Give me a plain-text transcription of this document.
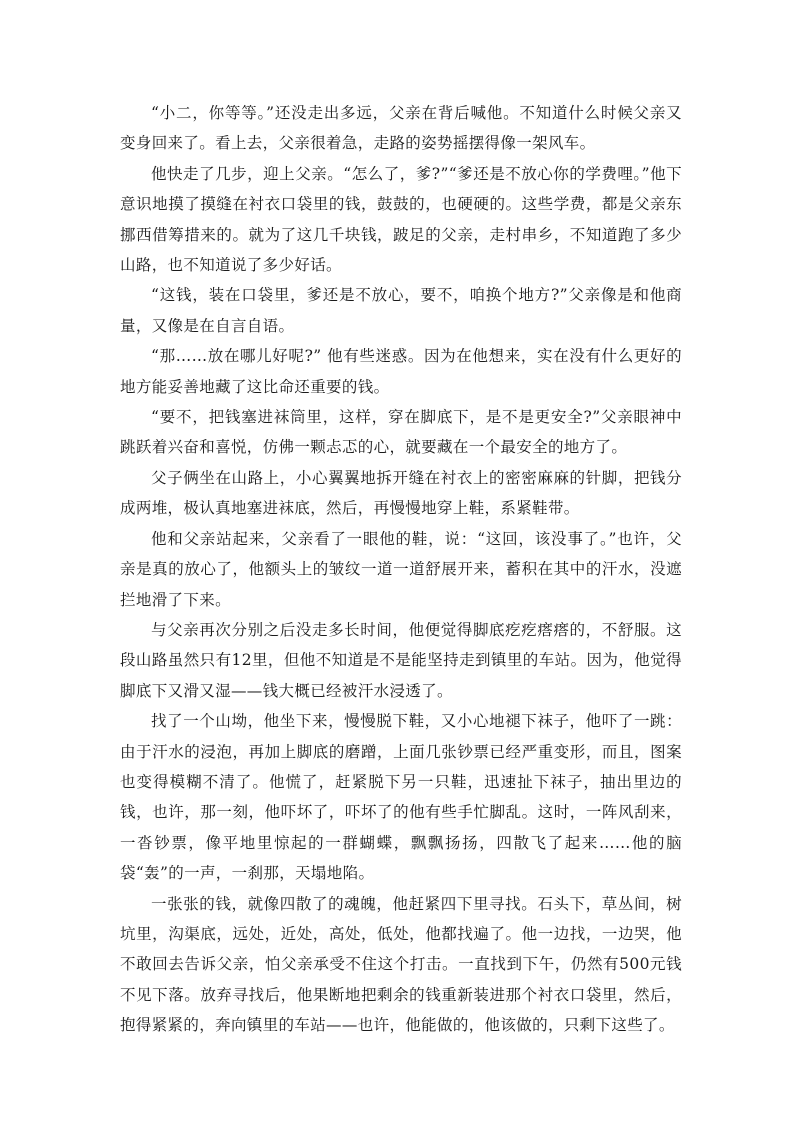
“小二，你等等。”还没走出多远，父亲在背后喊他。不知道什么时候父亲又变身回来了。看上去，父亲很着急，走路的姿势摇摆得像一架风车。

他快走了几步，迎上父亲。“怎么了，爹?”“爹还是不放心你的学费哩。”他下意识地摸了摸缝在衬衣口袋里的钱，鼓鼓的，也硬硬的。这些学费，都是父亲东挪西借筹措来的。就为了这几千块钱，跛足的父亲，走村串乡，不知道跑了多少山路，也不知道说了多少好话。

“这钱，装在口袋里，爹还是不放心，要不，咱换个地方?”父亲像是和他商量，又像是在自言自语。

“那……放在哪儿好呢?” 他有些迷惑。因为在他想来，实在没有什么更好的地方能妥善地藏了这比命还重要的钱。

“要不，把钱塞进袜筒里，这样，穿在脚底下，是不是更安全?”父亲眼神中跳跃着兴奋和喜悦，仿佛一颗忐忑的心，就要藏在一个最安全的地方了。

父子俩坐在山路上，小心翼翼地拆开缝在衬衣上的密密麻麻的针脚，把钱分成两堆，极认真地塞进袜底，然后，再慢慢地穿上鞋，系紧鞋带。

他和父亲站起来，父亲看了一眼他的鞋，说：“这回，该没事了。”也许，父亲是真的放心了，他额头上的皱纹一道一道舒展开来，蓄积在其中的汗水，没遮拦地滑了下来。

与父亲再次分别之后没走多长时间，他便觉得脚底疙疙瘩瘩的，不舒服。这段山路虽然只有12里，但他不知道是不是能坚持走到镇里的车站。因为，他觉得脚底下又滑又湿——钱大概已经被汗水浸透了。

找了一个山坳，他坐下来，慢慢脱下鞋，又小心地褪下袜子，他吓了一跳：由于汗水的浸泡，再加上脚底的磨蹭，上面几张钞票已经严重变形，而且，图案也变得模糊不清了。他慌了，赶紧脱下另一只鞋，迅速扯下袜子，抽出里边的钱，也许，那一刻，他吓坏了，吓坏了的他有些手忙脚乱。这时，一阵风刮来，一沓钞票，像平地里惊起的一群蝴蝶，飘飘扬扬，四散飞了起来……他的脑袋“轰”的一声，一刹那，天塌地陷。

一张张的钱，就像四散了的魂魄，他赶紧四下里寻找。石头下，草丛间，树坑里，沟渠底，远处，近处，高处，低处，他都找遍了。他一边找，一边哭，他不敢回去告诉父亲，怕父亲承受不住这个打击。一直找到下午，仍然有500元钱不见下落。放弃寻找后，他果断地把剩余的钱重新装进那个衬衣口袋里，然后，抱得紧紧的，奔向镇里的车站——也许，他能做的，他该做的，只剩下这些了。
